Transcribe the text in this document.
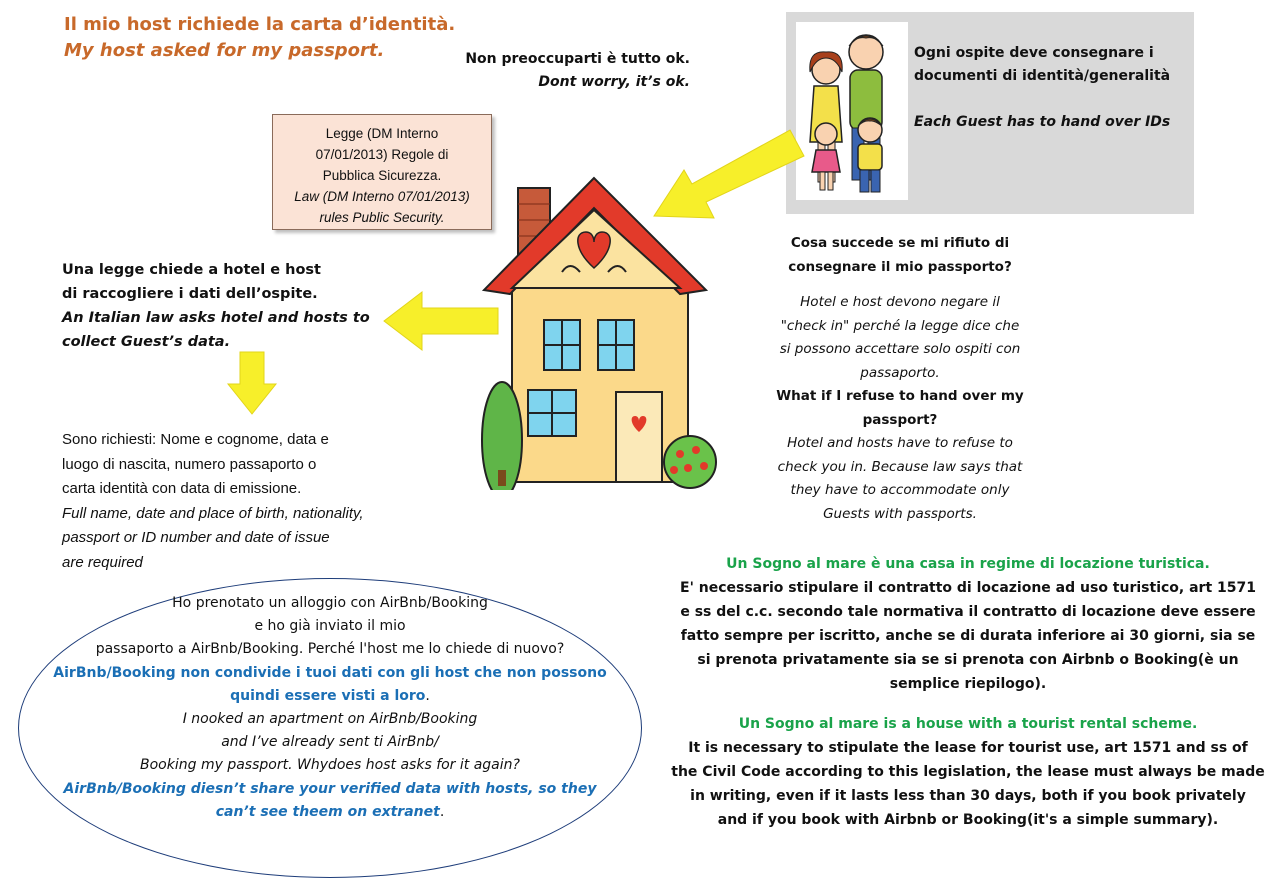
Il mio host richiede la carta d’identità.
My host asked for my passport.	Non preoccuparti è tutto ok.
Dont worry, it’s ok.
Legge (DM Interno
07/01/2013) Regole di
Pubblica Sicurezza.
Law (DM Interno 07/01/2013)
rules Public Security.
Ogni ospite deve consegnare i
documenti di identità/generalità
Each Guest has to hand over IDs
Una legge chiede a hotel e host
di raccogliere i dati dell’ospite.
An Italian law asks hotel and hosts to
collect Guest’s data.
Sono richiesti: Nome e cognome, data e
luogo di nascita, numero passaporto o
carta identità con data di emissione.
Full name, date and place of birth, nationality,
passport or ID number and date of issue
are required
Cosa succede se mi rifiuto di
consegnare il mio passporto?
Hotel e host devono negare il
"check in" perché la legge dice che
si possono accettare solo ospiti con
passaporto.
What if I refuse to hand over my
passport?
Hotel and hosts have to refuse to
check you in. Because law says that
they have to accommodate only
Guests with passports.
Ho prenotato un alloggio con AirBnb/Booking
e ho già inviato il mio
passaporto a AirBnb/Booking. Perché l'host me lo chiede di nuovo?
AirBnb/Booking non condivide i tuoi dati con gli host che non possono
quindi essere visti a loro.
I nooked an apartment on AirBnb/Booking
and I’ve already sent ti AirBnb/
Booking my passport. Whydoes host asks for it again?
AirBnb/Booking diesn’t share your verified data with hosts, so they
can’t see theem on extranet.
Un Sogno al mare è una casa in regime di locazione turistica.
E' necessario stipulare il contratto di locazione ad uso turistico, art 1571
e ss del c.c. secondo tale normativa il contratto di locazione deve essere
fatto sempre per iscritto, anche se di durata inferiore ai 30 giorni, sia se
si prenota privatamente sia se si prenota con Airbnb o Booking(è un
semplice riepilogo).
Un Sogno al mare is a house with a tourist rental scheme.
It is necessary to stipulate the lease for tourist use, art 1571 and ss of
the Civil Code according to this legislation, the lease must always be made
in writing, even if it lasts less than 30 days, both if you book privately
and if you book with Airbnb or Booking(it's a simple summary).
